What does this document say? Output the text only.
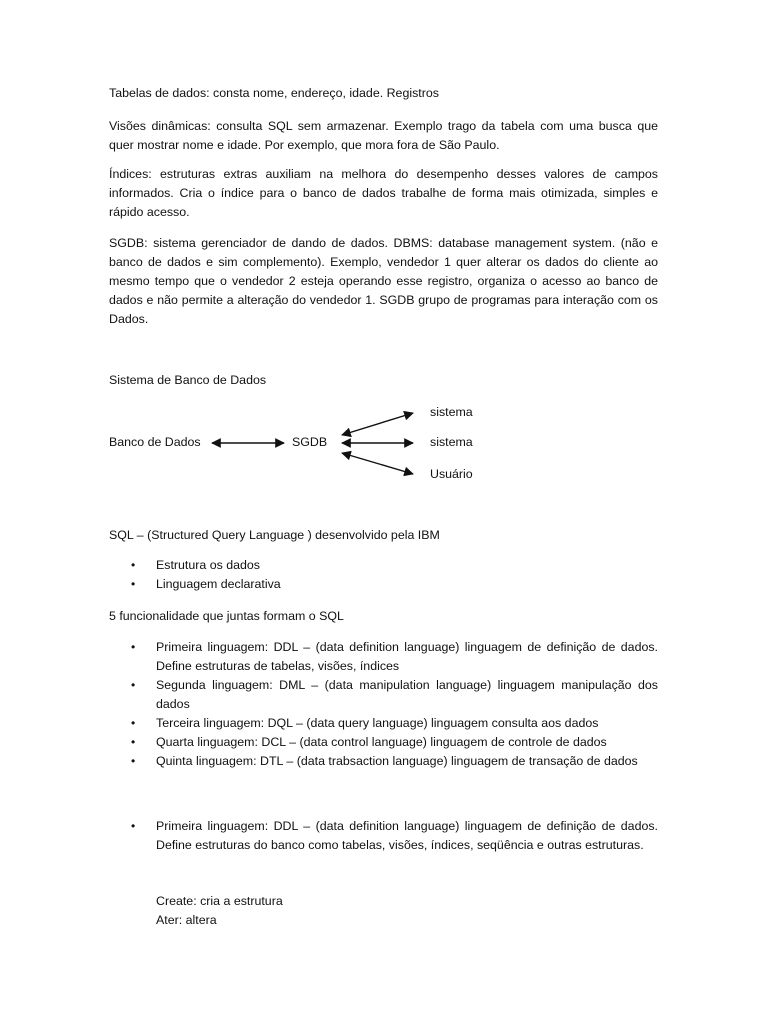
Tabelas de dados: consta nome, endereço, idade. Registros

Visões dinâmicas: consulta SQL sem armazenar. Exemplo trago da tabela com uma busca que quer mostrar nome e idade. Por exemplo, que mora fora de São Paulo.

Índices: estruturas extras auxiliam na melhora do desempenho desses valores de campos informados. Cria o índice para o banco de dados trabalhe de forma mais otimizada, simples e rápido acesso.

SGDB: sistema gerenciador de dando de dados. DBMS: database management system. (não e banco de dados e sim complemento). Exemplo, vendedor 1 quer alterar os dados do cliente ao mesmo tempo que o vendedor 2 esteja operando esse registro, organiza o acesso ao banco de dados e não permite a alteração do vendedor 1. SGDB grupo de programas para interação com os Dados.

Sistema de Banco de Dados
Banco de Dados	SGDB
sistema
sistema
Usuário

SQL – (Structured Query Language ) desenvolvido pela IBM

• Estrutura os dados
• Linguagem declarativa

5 funcionalidade que juntas formam o SQL

• Primeira linguagem: DDL – (data definition language) linguagem de definição de dados. Define estruturas de tabelas, visões, índices
• Segunda linguagem: DML – (data manipulation language) linguagem manipulação dos dados
• Terceira linguagem: DQL – (data query language) linguagem consulta aos dados
• Quarta linguagem: DCL – (data control language) linguagem de controle de dados
• Quinta linguagem: DTL – (data trabsaction language) linguagem de transação de dados
• Primeira linguagem: DDL – (data definition language) linguagem de definição de dados. Define estruturas do banco como tabelas, visões, índices, seqüência e outras estruturas.
Create: cria a estrutura
Ater: altera
